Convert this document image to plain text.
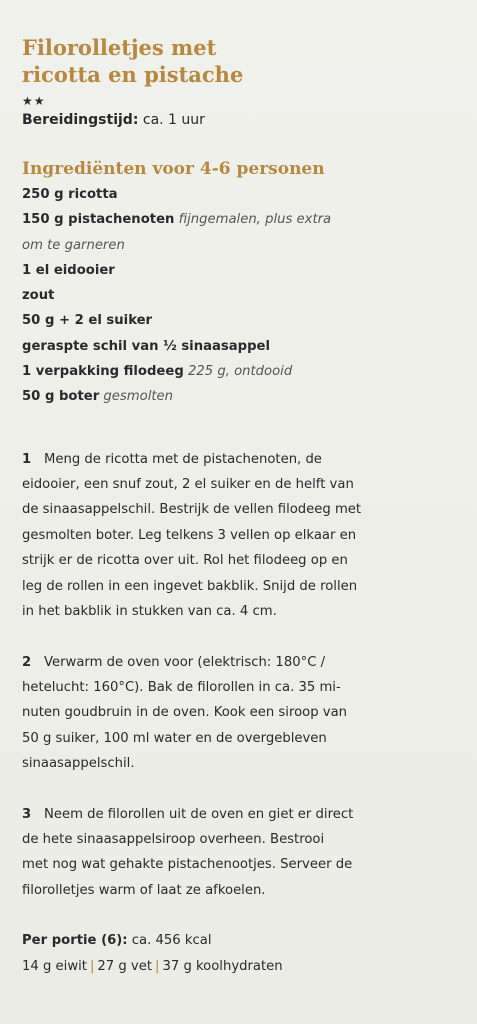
Filorolletjes met
ricotta en pistache
★★
Bereidingstijd: ca. 1 uur
Ingrediënten voor 4-6 personen
250 g ricotta
150 g pistachenoten fijngemalen, plus extra
om te garneren
1 el eidooier
zout
50 g + 2 el suiker
geraspte schil van ½ sinaasappel
1 verpakking filodeeg 225 g, ontdooid
50 g boter gesmolten
1 Meng de ricotta met de pistachenoten, de
eidooier, een snuf zout, 2 el suiker en de helft van
de sinaasappelschil. Bestrijk de vellen filodeeg met
gesmolten boter. Leg telkens 3 vellen op elkaar en
strijk er de ricotta over uit. Rol het filodeeg op en
leg de rollen in een ingevet bakblik. Snijd de rollen
in het bakblik in stukken van ca. 4 cm.
2 Verwarm de oven voor (elektrisch: 180°C /
hetelucht: 160°C). Bak de filorollen in ca. 35 mi-
nuten goudbruin in de oven. Kook een siroop van
50 g suiker, 100 ml water en de overgebleven
sinaasappelschil.
3 Neem de filorollen uit de oven en giet er direct
de hete sinaasappelsiroop overheen. Bestrooi
met nog wat gehakte pistachenootjes. Serveer de
filorolletjes warm of laat ze afkoelen.
Per portie (6): ca. 456 kcal
14 g eiwit | 27 g vet | 37 g koolhydraten
